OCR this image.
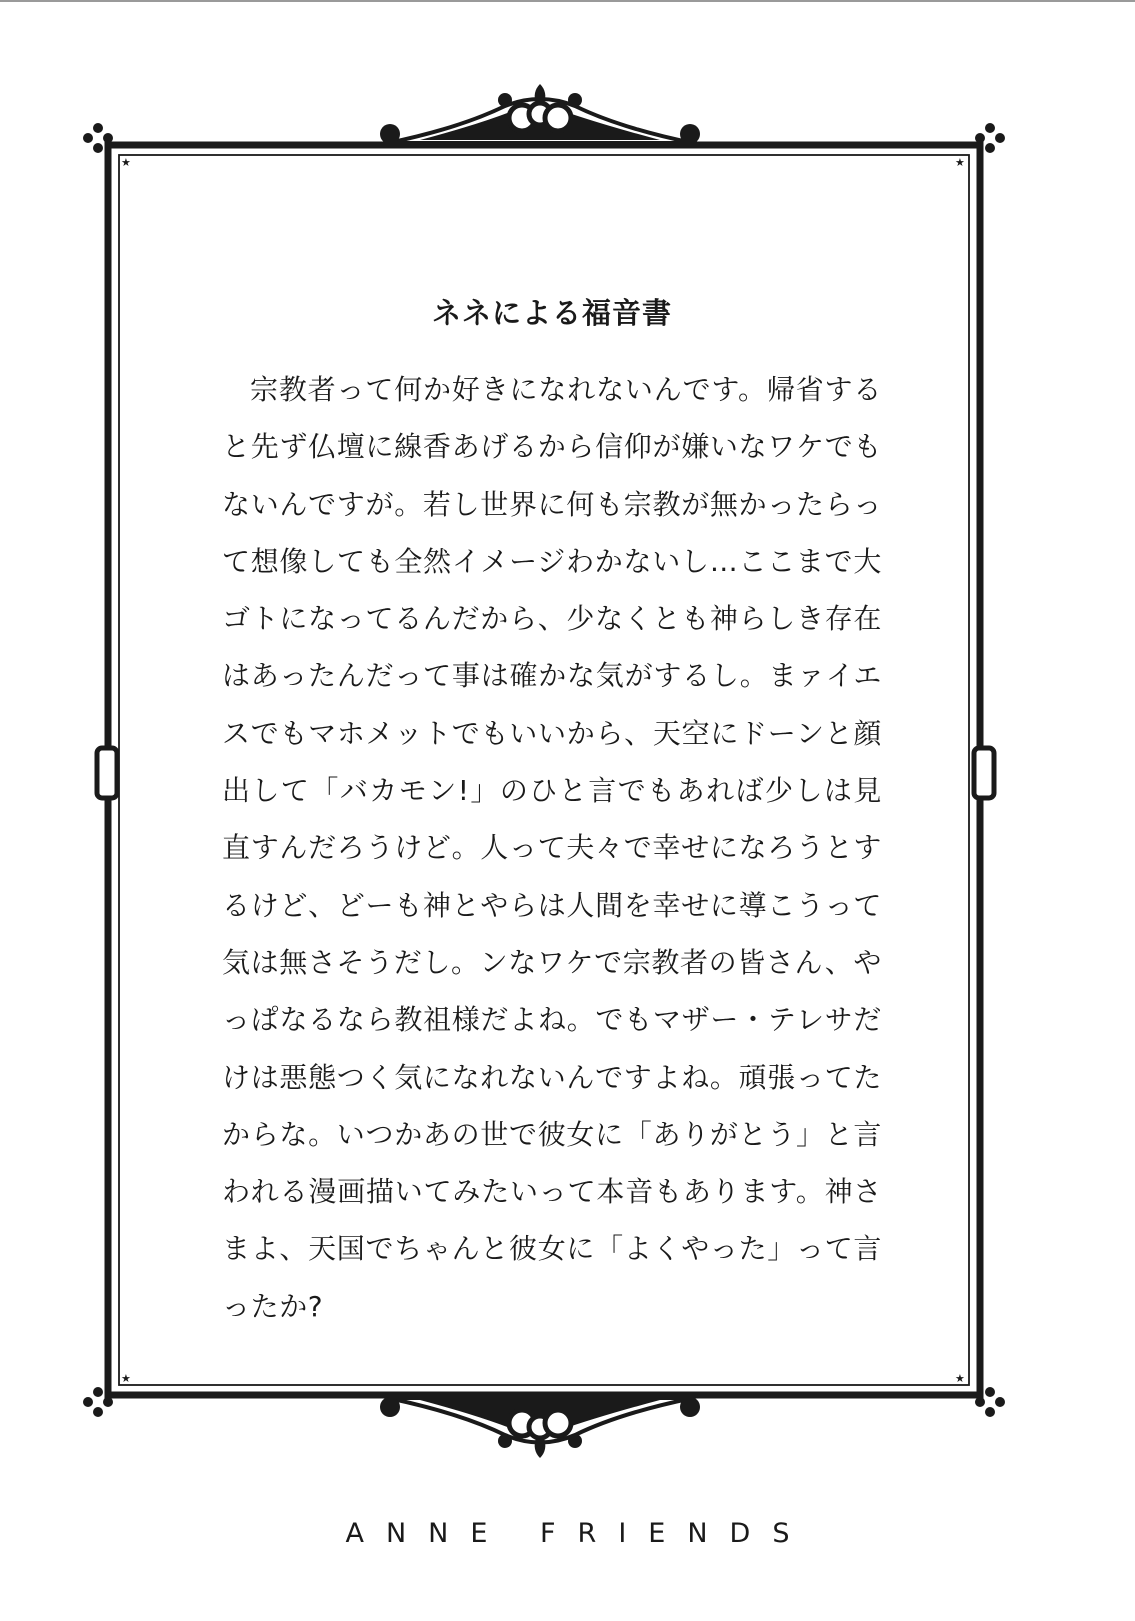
★	★
★	★
ネネによる福音書

宗教者って何か好きになれないんです。帰省すると先ず仏壇に線香あげるから信仰が嫌いなワケでもないんですが。若し世界に何も宗教が無かったらって想像しても全然イメージわかないし…ここまで大ゴトになってるんだから、少なくとも神らしき存在はあったんだって事は確かな気がするし。まァイエスでもマホメットでもいいから、天空にドーンと顔出して「バカモン!」のひと言でもあれば少しは見直すんだろうけど。人って夫々で幸せになろうとするけど、どーも神とやらは人間を幸せに導こうって気は無さそうだし。ンなワケで宗教者の皆さん、やっぱなるなら教祖様だよね。でもマザー・テレサだけは悪態つく気になれないんですよね。頑張ってたからな。いつかあの世で彼女に「ありがとう」と言われる漫画描いてみたいって本音もあります。神さまよ、天国でちゃんと彼女に「よくやった」って言ったか?

ANNE FRIENDS
